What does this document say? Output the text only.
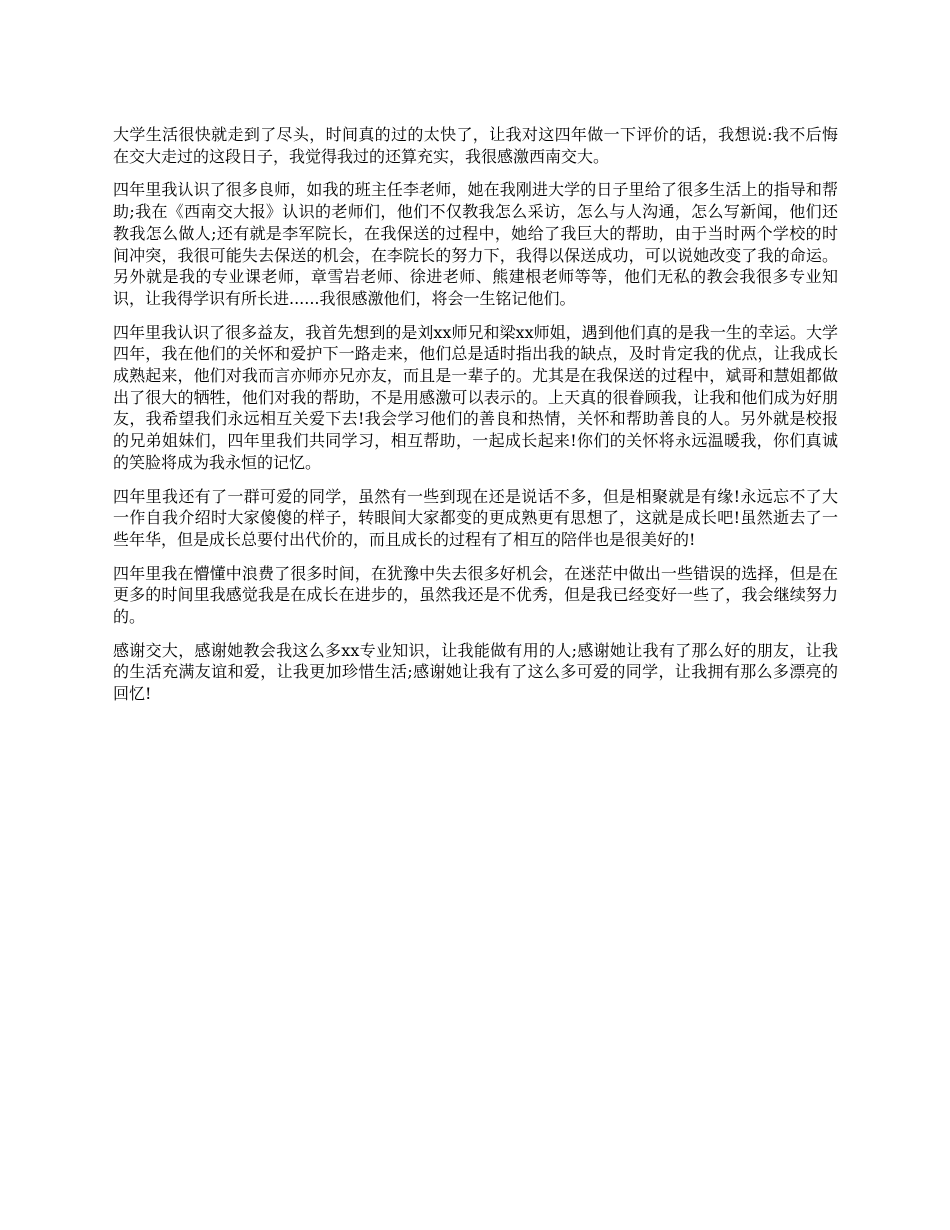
大学生活很快就走到了尽头，时间真的过的太快了，让我对这四年做一下评价的话，我想说:我不后悔在交大走过的这段日子，我觉得我过的还算充实，我很感激西南交大。

四年里我认识了很多良师，如我的班主任李老师，她在我刚进大学的日子里给了很多生活上的指导和帮助;我在《西南交大报》认识的老师们，他们不仅教我怎么采访，怎么与人沟通，怎么写新闻，他们还教我怎么做人;还有就是李军院长，在我保送的过程中，她给了我巨大的帮助，由于当时两个学校的时间冲突，我很可能失去保送的机会，在李院长的努力下，我得以保送成功，可以说她改变了我的命运。另外就是我的专业课老师，章雪岩老师、徐进老师、熊建根老师等等，他们无私的教会我很多专业知识，让我得学识有所长进......我很感激他们，将会一生铭记他们。

四年里我认识了很多益友，我首先想到的是刘xx师兄和梁xx师姐，遇到他们真的是我一生的幸运。大学四年，我在他们的关怀和爱护下一路走来，他们总是适时指出我的缺点，及时肯定我的优点，让我成长成熟起来，他们对我而言亦师亦兄亦友，而且是一辈子的。尤其是在我保送的过程中，斌哥和慧姐都做出了很大的牺牲，他们对我的帮助，不是用感激可以表示的。上天真的很眷顾我，让我和他们成为好朋友，我希望我们永远相互关爱下去!我会学习他们的善良和热情，关怀和帮助善良的人。另外就是校报的兄弟姐妹们，四年里我们共同学习，相互帮助，一起成长起来!你们的关怀将永远温暖我，你们真诚的笑脸将成为我永恒的记忆。

四年里我还有了一群可爱的同学，虽然有一些到现在还是说话不多，但是相聚就是有缘!永远忘不了大一作自我介绍时大家傻傻的样子，转眼间大家都变的更成熟更有思想了，这就是成长吧!虽然逝去了一些年华，但是成长总要付出代价的，而且成长的过程有了相互的陪伴也是很美好的!

四年里我在懵懂中浪费了很多时间，在犹豫中失去很多好机会，在迷茫中做出一些错误的选择，但是在更多的时间里我感觉我是在成长在进步的，虽然我还是不优秀，但是我已经变好一些了，我会继续努力的。

感谢交大，感谢她教会我这么多xx专业知识，让我能做有用的人;感谢她让我有了那么好的朋友，让我的生活充满友谊和爱，让我更加珍惜生活;感谢她让我有了这么多可爱的同学，让我拥有那么多漂亮的回忆!
